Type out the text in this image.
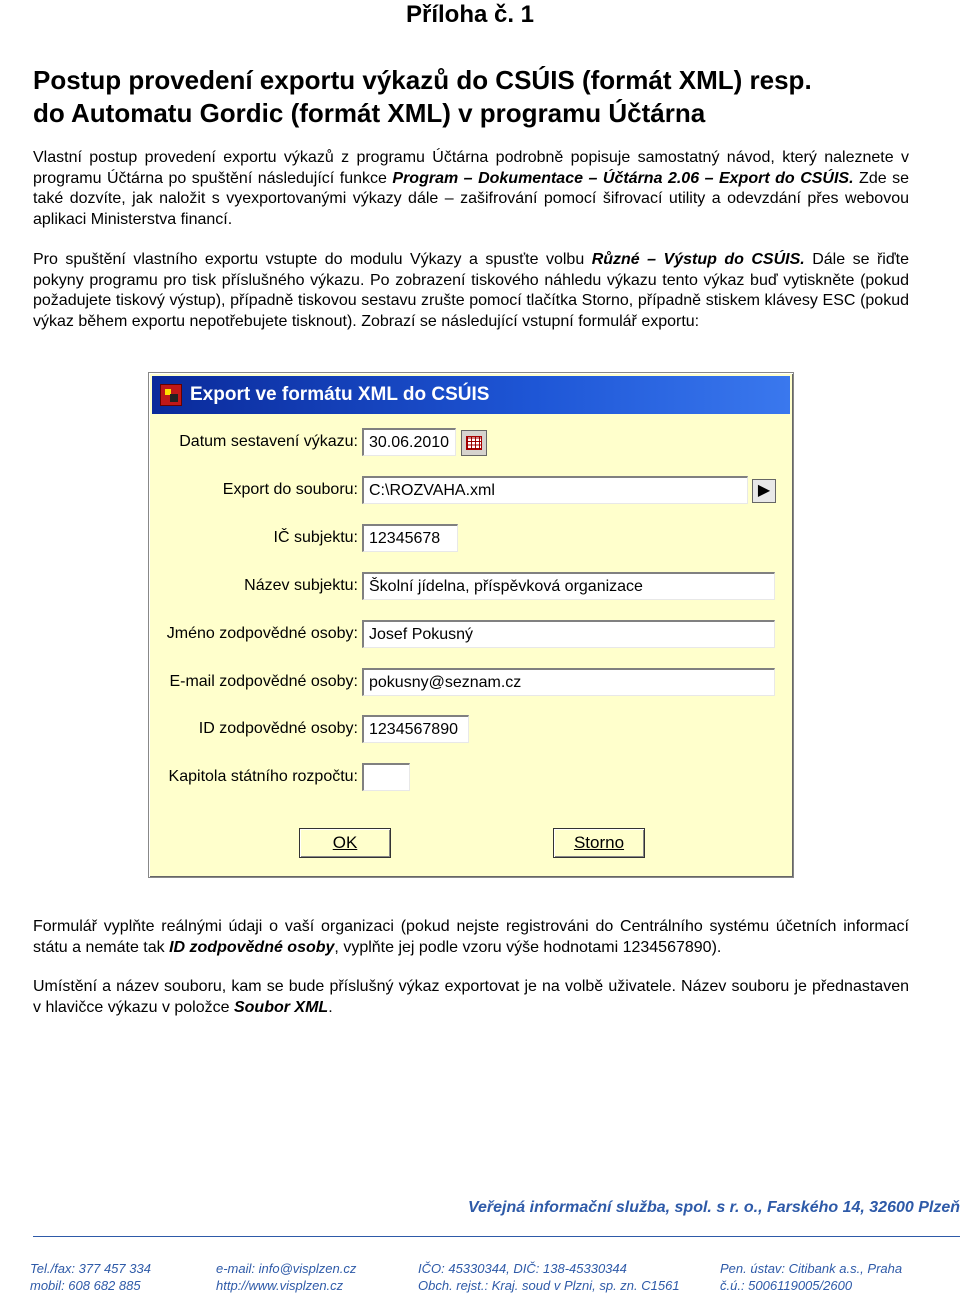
Příloha č. 1
Postup provedení exportu výkazů do CSÚIS (formát XML) resp.
do Automatu Gordic (formát XML) v programu Účtárna
Vlastní postup provedení exportu výkazů z programu Účtárna podrobně popisuje samostatný návod, který naleznete v programu Účtárna po spuštění následující funkce Program – Dokumentace – Účtárna 2.06 – Export do CSÚIS. Zde se také dozvíte, jak naložit s vyexportovanými výkazy dále – zašifrování pomocí šifrovací utility a odevzdání přes webovou aplikaci Ministerstva financí.
Pro spuštění vlastního exportu vstupte do modulu Výkazy a spusťte volbu Různé – Výstup do CSÚIS. Dále se řiďte pokyny programu pro tisk příslušného výkazu. Po zobrazení tiskového náhledu výkazu tento výkaz buď vytiskněte (pokud požadujete tiskový výstup), případně tiskovou sestavu zrušte pomocí tlačítka Storno, případně stiskem klávesy ESC (pokud výkaz během exportu nepotřebujete tisknout). Zobrazí se následující vstupní formulář exportu:
Export ve formátu XML do CSÚIS
Datum sestavení výkazu: 30.06.2010
Export do souboru: C:\ROZVAHA.xml	▶
IČ subjektu: 12345678
Název subjektu: Školní jídelna, příspěvková organizace
Jméno zodpovědné osoby: Josef Pokusný
E-mail zodpovědné osoby: pokusny@seznam.cz
ID zodpovědné osoby: 1234567890
Kapitola státního rozpočtu:
OK	Storno
Formulář vyplňte reálnými údaji o vaší organizaci (pokud nejste registrováni do Centrálního systému účetních informací státu a nemáte tak ID zodpovědné osoby, vyplňte jej podle vzoru výše hodnotami 1234567890).
Umístění a název souboru, kam se bude příslušný výkaz exportovat je na volbě uživatele. Název souboru je přednastaven v hlavičce výkazu v položce Soubor XML.
Veřejná informační služba, spol. s r. o., Farského 14, 32600 Plzeň
Tel./fax: 377 457 334
mobil: 608 682 885
e-mail: info@visplzen.cz
http://www.visplzen.cz
IČO: 45330344, DIČ: 138-45330344
Obch. rejst.: Kraj. soud v Plzni, sp. zn. C1561
Pen. ústav: Citibank a.s., Praha
č.ú.: 5006119005/2600
